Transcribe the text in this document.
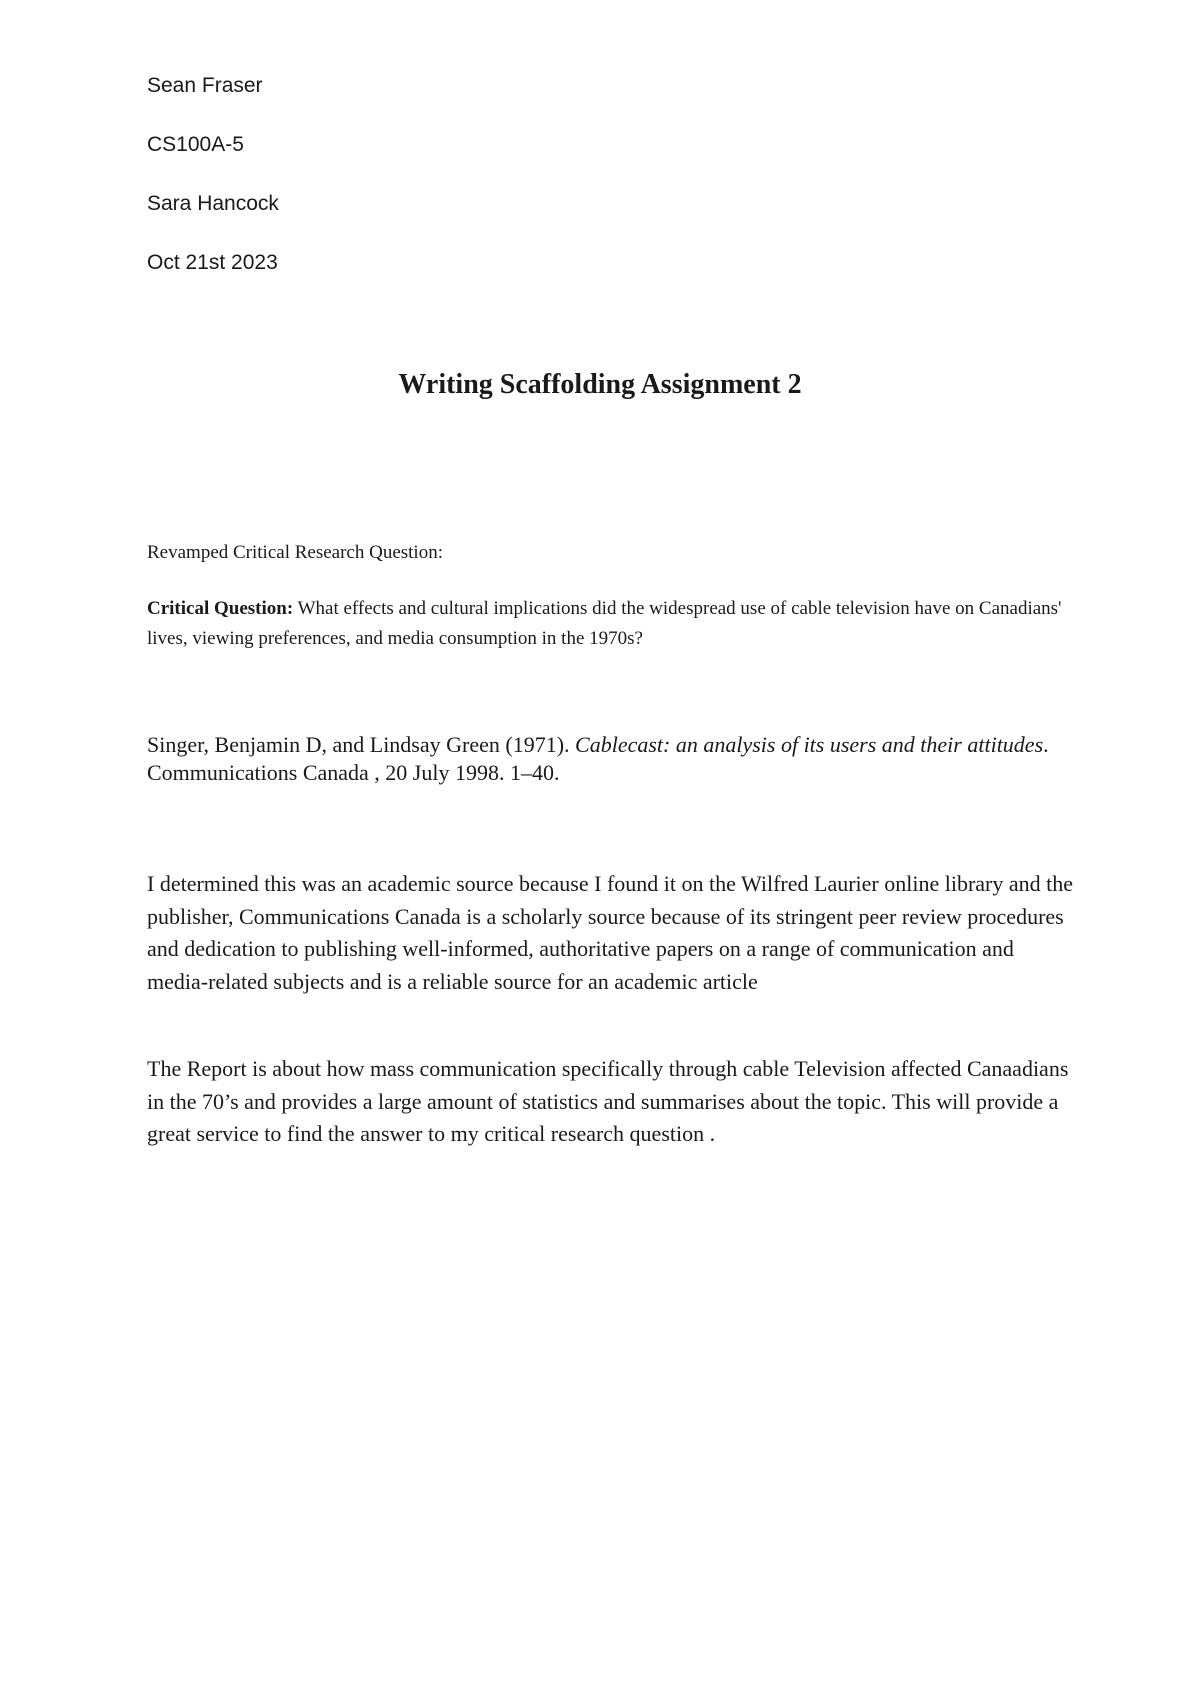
Sean Fraser

CS100A-5

Sara Hancock

Oct 21st 2023

Writing Scaffolding Assignment 2

Revamped Critical Research Question:

Critical Question: What effects and cultural implications did the widespread use of cable television have on Canadians' lives, viewing preferences, and media consumption in the 1970s?

Singer, Benjamin D, and Lindsay Green (1971). Cablecast: an analysis of its users and their attitudes. Communications Canada , 20 July 1998. 1–40.

I determined this was an academic source because I found it on the Wilfred Laurier online library and the publisher, Communications Canada is a scholarly source because of its stringent peer review procedures and dedication to publishing well-informed, authoritative papers on a range of communication and media-related subjects and is a reliable source for an academic article

The Report is about how mass communication specifically through cable Television affected Canaadians in the 70’s and provides a large amount of statistics and summarises about the topic. This will provide a great service to find the answer to my critical research question .
